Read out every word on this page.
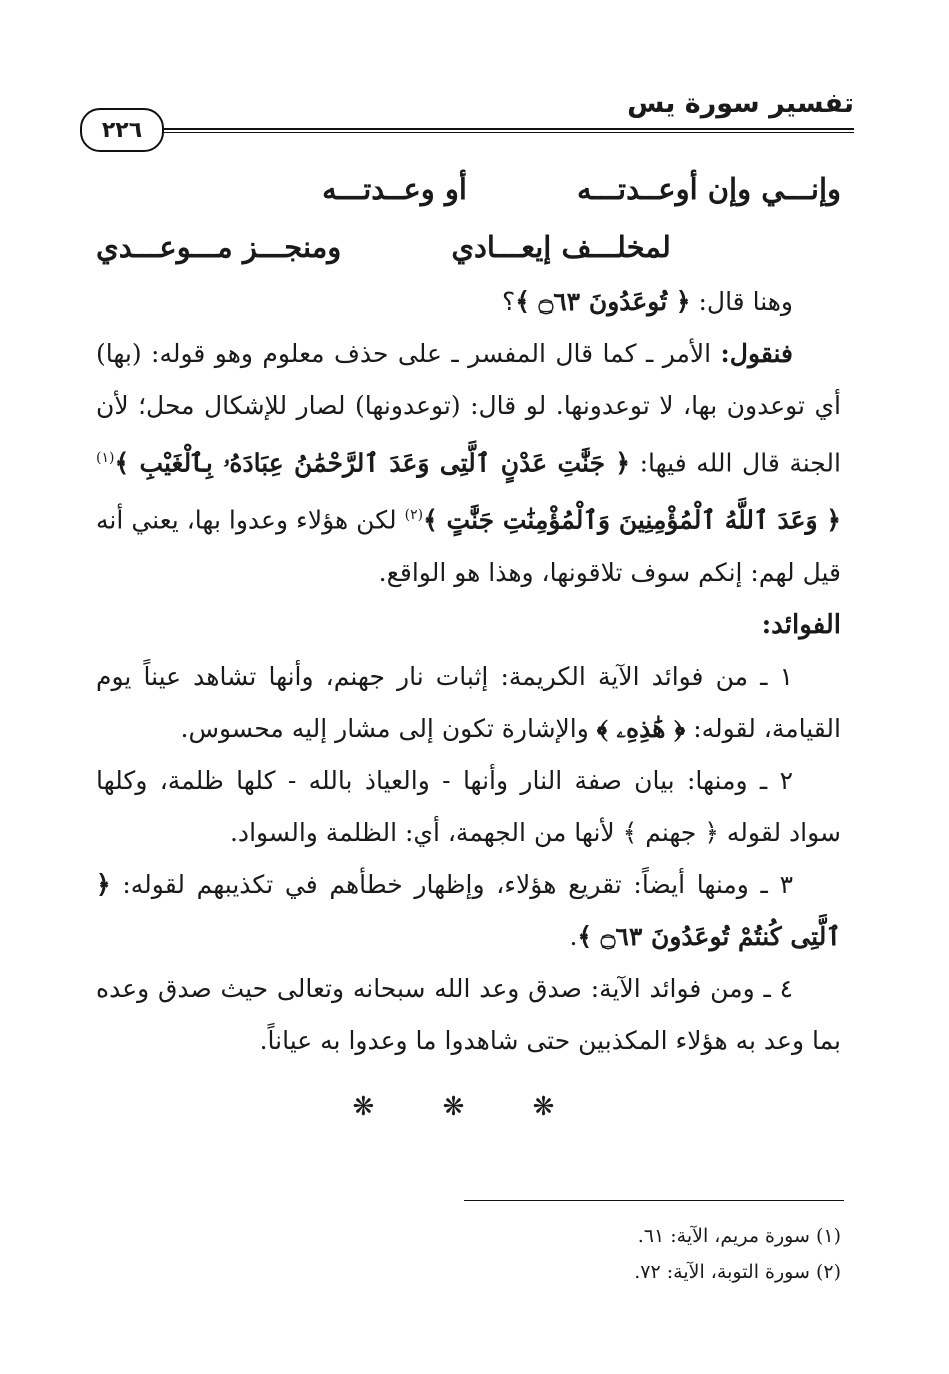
تفسير سورة يس
٢٢٦
وإنـــي وإن أوعــدتـــهأو وعــدتـــه
لمخلـــف إيعـــاديومنجـــز مـــوعـــدي

وهنا قال: ﴿ تُوعَدُونَ ۝٦٣ ﴾؟

فنقول: الأمر ـ كما قال المفسر ـ على حذف معلوم وهو قوله: (بها) أي توعدون بها، لا توعدونها. لو قال: (توعدونها) لصار للإشكال محل؛ لأن الجنة قال الله فيها: ﴿ جَنَّٰتِ عَدْنٍ ٱلَّتِى وَعَدَ ٱلرَّحْمَٰنُ عِبَادَهُۥ بِٱلْغَيْبِ ﴾$^{(١)}$ ﴿ وَعَدَ ٱللَّهُ ٱلْمُؤْمِنِينَ وَٱلْمُؤْمِنَٰتِ جَنَّٰتٍ ﴾$^{(٢)}$ لكن هؤلاء وعدوا بها، يعني أنه قيل لهم: إنكم سوف تلاقونها، وهذا هو الواقع.

الفوائد:

١ ـ من فوائد الآية الكريمة: إثبات نار جهنم، وأنها تشاهد عيناً يوم القيامة، لقوله: ﴿ هَٰذِهِۦ ﴾ والإشارة تكون إلى مشار إليه محسوس.

٢ ـ ومنها: بيان صفة النار وأنها - والعياذ بالله - كلها ظلمة، وكلها سواد لقوله ﴿ جهنم ﴾ لأنها من الجهمة، أي: الظلمة والسواد.

٣ ـ ومنها أيضاً: تقريع هؤلاء، وإظهار خطأهم في تكذيبهم لقوله: ﴿ ٱلَّتِى كُنتُمْ تُوعَدُونَ ۝٦٣ ﴾.

٤ ـ ومن فوائد الآية: صدق وعد الله سبحانه وتعالى حيث صدق وعده بما وعد به هؤلاء المكذبين حتى شاهدوا ما وعدوا به عياناً.

❋ ❋ ❋
(١) سورة مريم، الآية: ٦١.
(٢) سورة التوبة، الآية: ٧٢.
